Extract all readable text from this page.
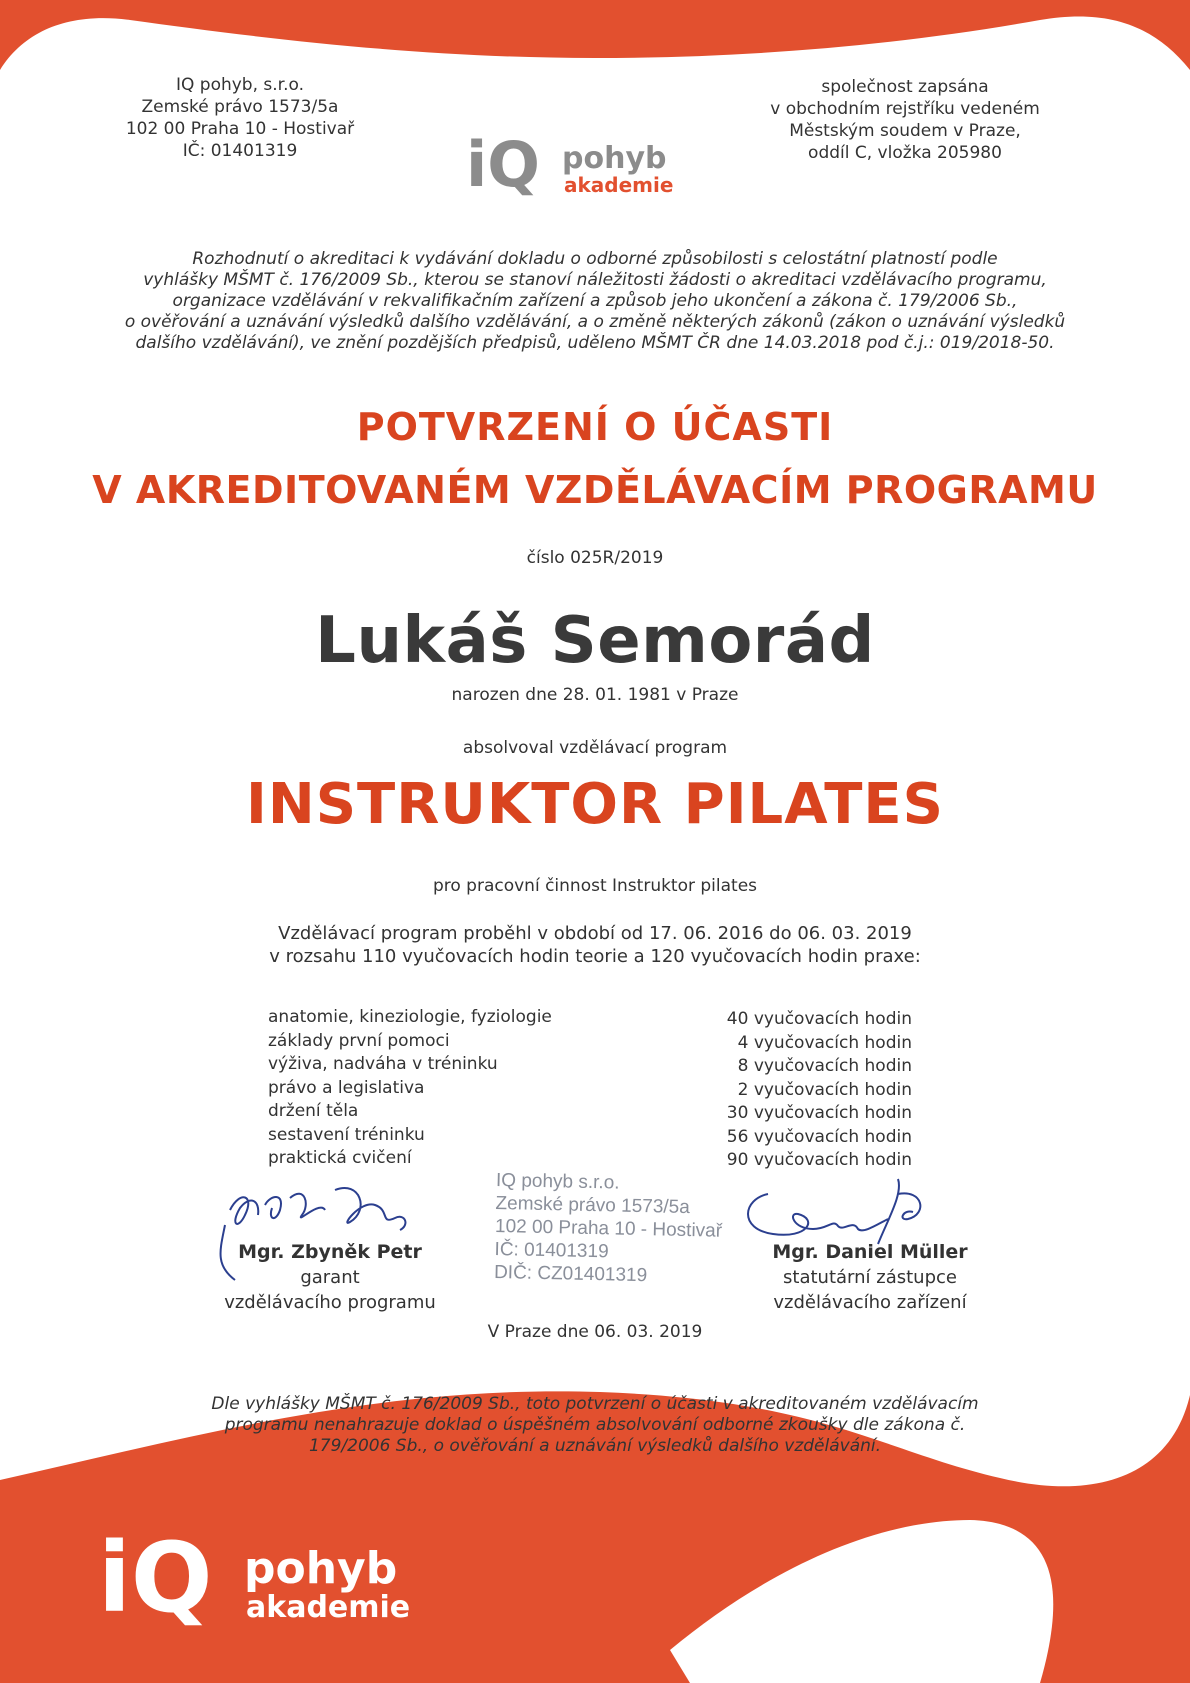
IQ pohyb, s.r.o.
Zemské právo 1573/5a
102 00 Praha 10 - Hostivař
IČ: 01401319
společnost zapsána
v obchodním rejstříku vedeném
Městským soudem v Praze,
oddíl C, vložka 205980
iQ pohyb
akademie
Rozhodnutí o akreditaci k vydávání dokladu o odborné způsobilosti s celostátní platností podle
vyhlášky MŠMT č. 176/2009 Sb., kterou se stanoví náležitosti žádosti o akreditaci vzdělávacího programu,
organizace vzdělávání v rekvalifikačním zařízení a způsob jeho ukončení a zákona č. 179/2006 Sb.,
o ověřování a uznávání výsledků dalšího vzdělávání, a o změně některých zákonů (zákon o uznávání výsledků
dalšího vzdělávání), ve znění pozdějších předpisů, uděleno MŠMT ČR dne 14.03.2018 pod č.j.: 019/2018-50.
POTVRZENÍ O ÚČASTI
V AKREDITOVANÉM VZDĚLÁVACÍM PROGRAMU
číslo 025R/2019
Lukáš Semorád
narozen dne 28. 01. 1981 v Praze
absolvoval vzdělávací program
INSTRUKTOR PILATES
pro pracovní činnost Instruktor pilates
Vzdělávací program proběhl v období od 17. 06. 2016 do 06. 03. 2019
v rozsahu 110 vyučovacích hodin teorie a 120 vyučovacích hodin praxe:
anatomie, kineziologie, fyziologie
základy první pomoci
výživa, nadváha v tréninku
právo a legislativa
držení těla
sestavení tréninku
praktická cvičení
40 vyučovacích hodin
4 vyučovacích hodin
8 vyučovacích hodin
2 vyučovacích hodin
30 vyučovacích hodin
56 vyučovacích hodin
90 vyučovacích hodin
IQ pohyb s.r.o.
Zemské právo 1573/5a
102 00 Praha 10 - Hostivař
IČ: 01401319
DIČ: CZ01401319
Mgr. Zbyněk Petr
garant
vzdělávacího programu
Mgr. Daniel Müller
statutární zástupce
vzdělávacího zařízení
V Praze dne 06. 03. 2019
Dle vyhlášky MŠMT č. 176/2009 Sb., toto potvrzení o účasti v akreditovaném vzdělávacím
programu nenahrazuje doklad o úspěšném absolvování odborné zkoušky dle zákona č.
179/2006 Sb., o ověřování a uznávání výsledků dalšího vzdělávání.
iQ pohyb
akademie
